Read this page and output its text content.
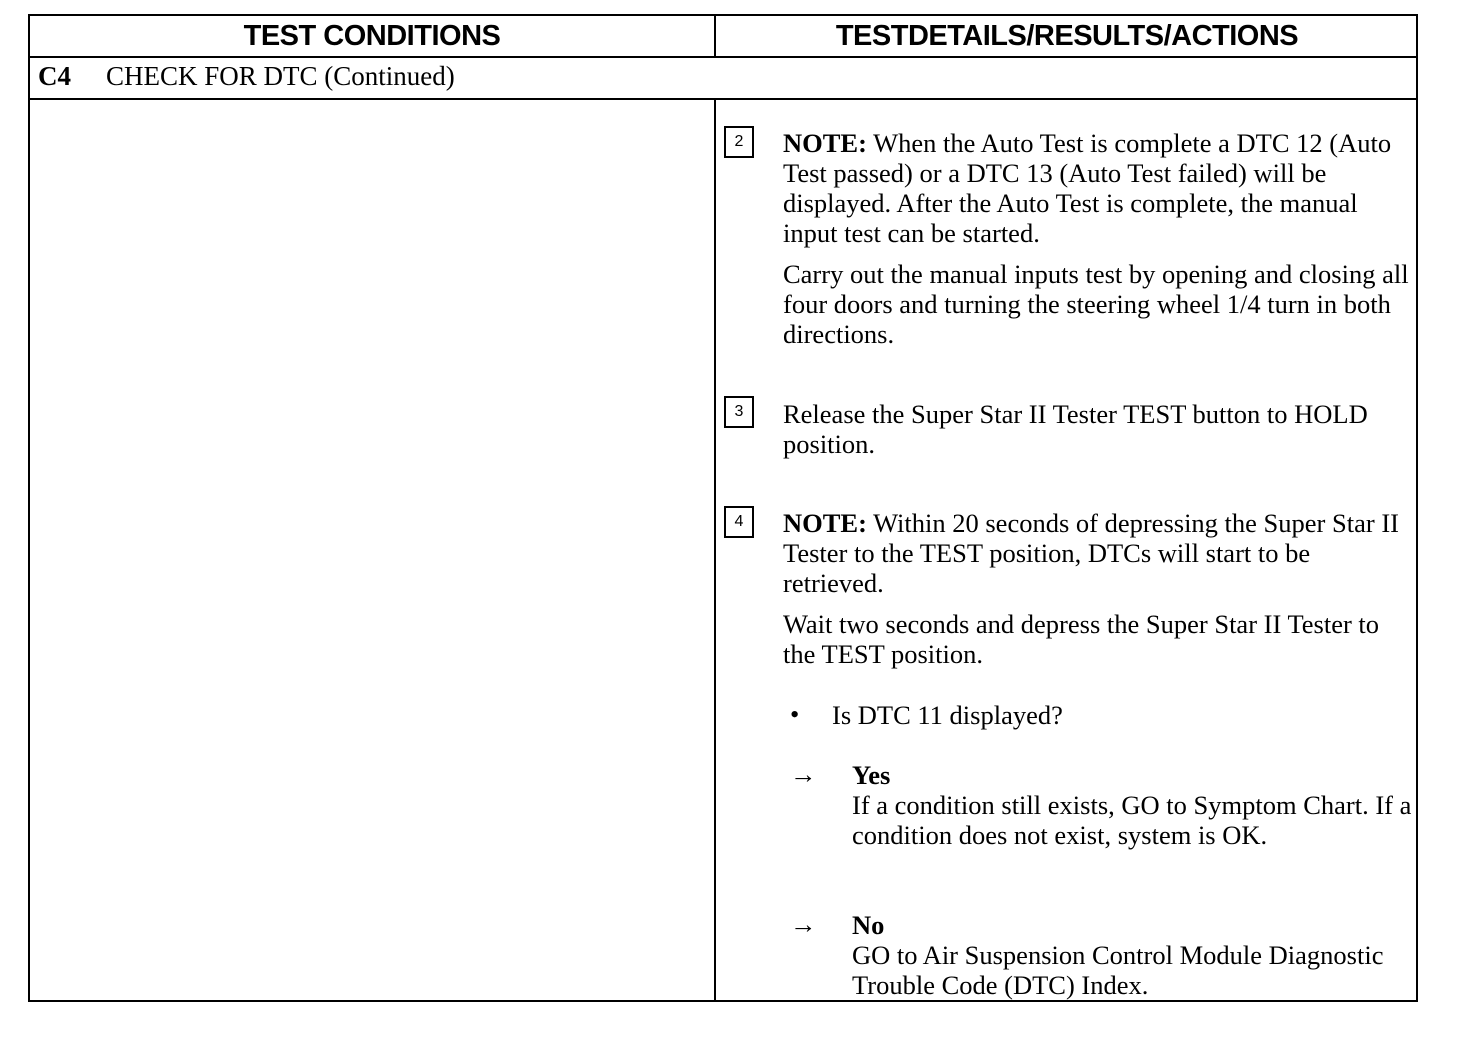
TEST CONDITIONS	TESTDETAILS/RESULTS/ACTIONS
C4 CHECK FOR DTC (Continued)
2	NOTE: When the Auto Test is complete a DTC 12 (Auto Test passed) or a DTC 13 (Auto Test failed) will be displayed. After the Auto Test is complete, the manual input test can be started.

Carry out the manual inputs test by opening and closing all four doors and turning the steering wheel 1/4 turn in both directions.

3	Release the Super Star II Tester TEST button to HOLD position.

4	NOTE: Within 20 seconds of depressing the Super Star II Tester to the TEST position, DTCs will start to be retrieved.

Wait two seconds and depress the Super Star II Tester to the TEST position.

• Is DTC 11 displayed?
→ Yes

If a condition still exists, GO to Symptom Chart. If a condition does not exist, system is OK.

→ No

GO to Air Suspension Control Module Diagnostic Trouble Code (DTC) Index.
